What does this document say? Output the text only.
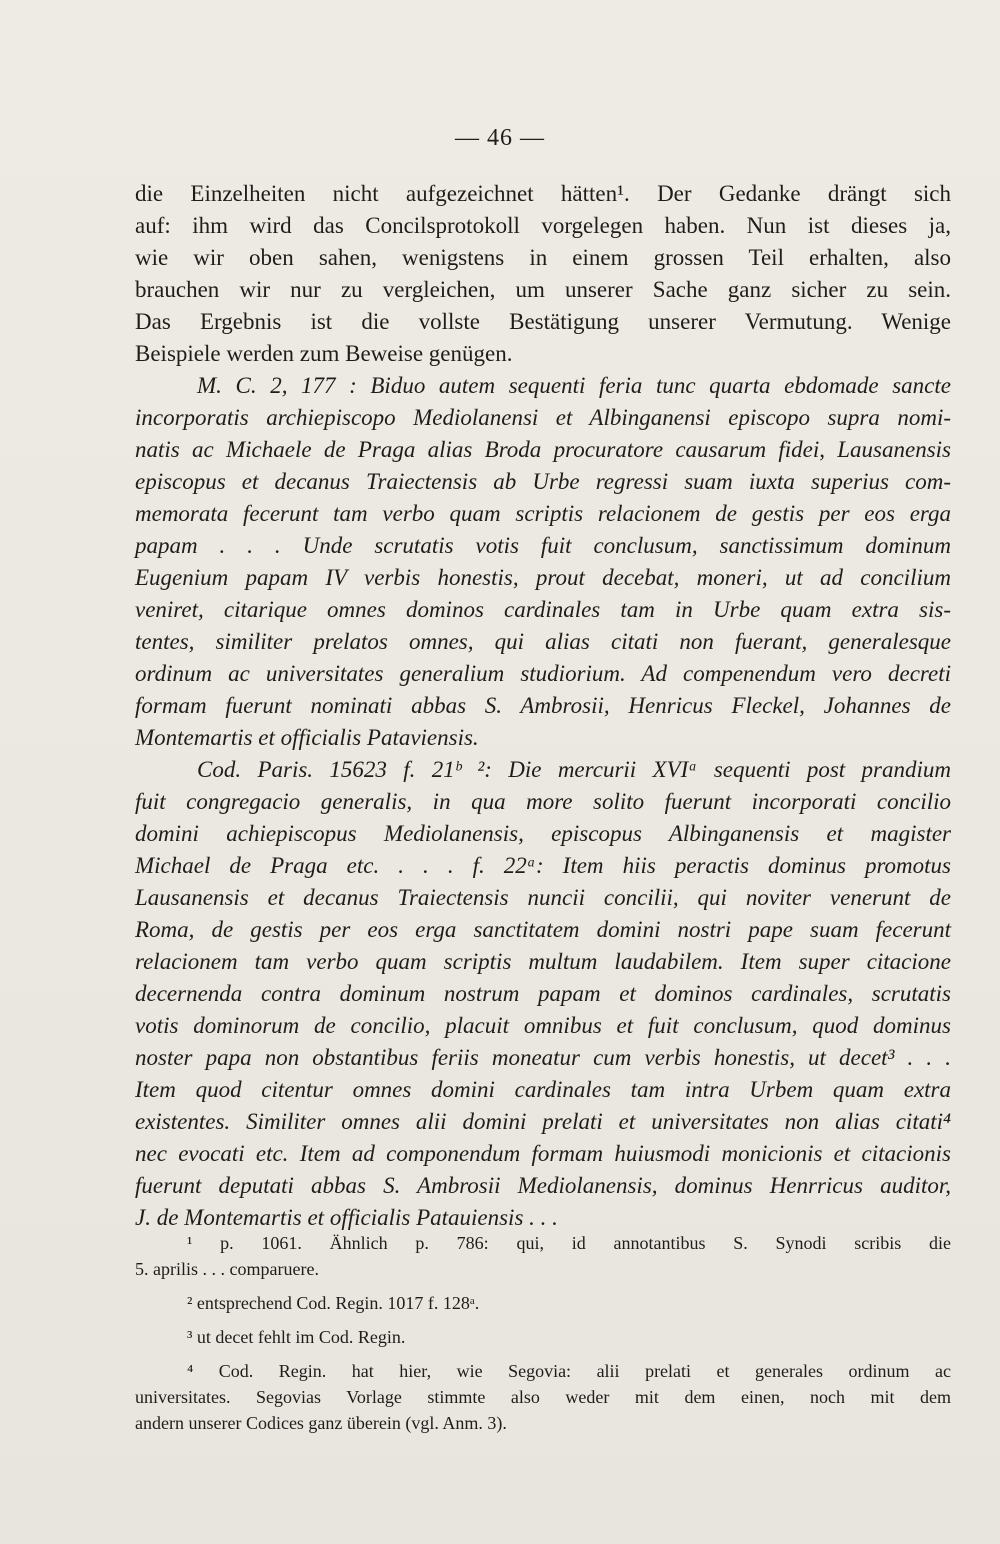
— 46 —
die Einzelheiten nicht aufgezeichnet hätten¹. Der Gedanke drängt sich
auf: ihm wird das Concilsprotokoll vorgelegen haben. Nun ist dieses ja,
wie wir oben sahen, wenigstens in einem grossen Teil erhalten, also
brauchen wir nur zu vergleichen, um unserer Sache ganz sicher zu sein.
Das Ergebnis ist die vollste Bestätigung unserer Vermutung. Wenige
Beispiele werden zum Beweise genügen.
M. C. 2, 177 : Biduo autem sequenti feria tunc quarta ebdomade sancte
incorporatis archiepiscopo Mediolanensi et Albinganensi episcopo supra nomi-
natis ac Michaele de Praga alias Broda procuratore causarum fidei, Lausanensis
episcopus et decanus Traiectensis ab Urbe regressi suam iuxta superius com-
memorata fecerunt tam verbo quam scriptis relacionem de gestis per eos erga
papam . . . Unde scrutatis votis fuit conclusum, sanctissimum dominum
Eugenium papam IV verbis honestis, prout decebat, moneri, ut ad concilium
veniret, citarique omnes dominos cardinales tam in Urbe quam extra sis-
tentes, similiter prelatos omnes, qui alias citati non fuerant, generalesque
ordinum ac universitates generalium studiorium. Ad compenendum vero decreti
formam fuerunt nominati abbas S. Ambrosii, Henricus Fleckel, Johannes de
Montemartis et officialis Pataviensis.
Cod. Paris. 15623 f. 21ᵇ ²: Die mercurii XVIᵃ sequenti post prandium
fuit congregacio generalis, in qua more solito fuerunt incorporati concilio
domini achiepiscopus Mediolanensis, episcopus Albinganensis et magister
Michael de Praga etc. . . . f. 22ᵃ: Item hiis peractis dominus promotus
Lausanensis et decanus Traiectensis nuncii concilii, qui noviter venerunt de
Roma, de gestis per eos erga sanctitatem domini nostri pape suam fecerunt
relacionem tam verbo quam scriptis multum laudabilem. Item super citacione
decernenda contra dominum nostrum papam et dominos cardinales, scrutatis
votis dominorum de concilio, placuit omnibus et fuit conclusum, quod dominus
noster papa non obstantibus feriis moneatur cum verbis honestis, ut decet³ . . .
Item quod citentur omnes domini cardinales tam intra Urbem quam extra
existentes. Similiter omnes alii domini prelati et universitates non alias citati⁴
nec evocati etc. Item ad componendum formam huiusmodi monicionis et citacionis
fuerunt deputati abbas S. Ambrosii Mediolanensis, dominus Henrricus auditor,
J. de Montemartis et officialis Patauiensis . . .
¹ p. 1061. Ähnlich p. 786: qui, id annotantibus S. Synodi scribis die
5. aprilis . . . comparuere.
² entsprechend Cod. Regin. 1017 f. 128ᵃ.
³ ut decet fehlt im Cod. Regin.
⁴ Cod. Regin. hat hier, wie Segovia: alii prelati et generales ordinum ac
universitates. Segovias Vorlage stimmte also weder mit dem einen, noch mit dem
andern unserer Codices ganz überein (vgl. Anm. 3).
